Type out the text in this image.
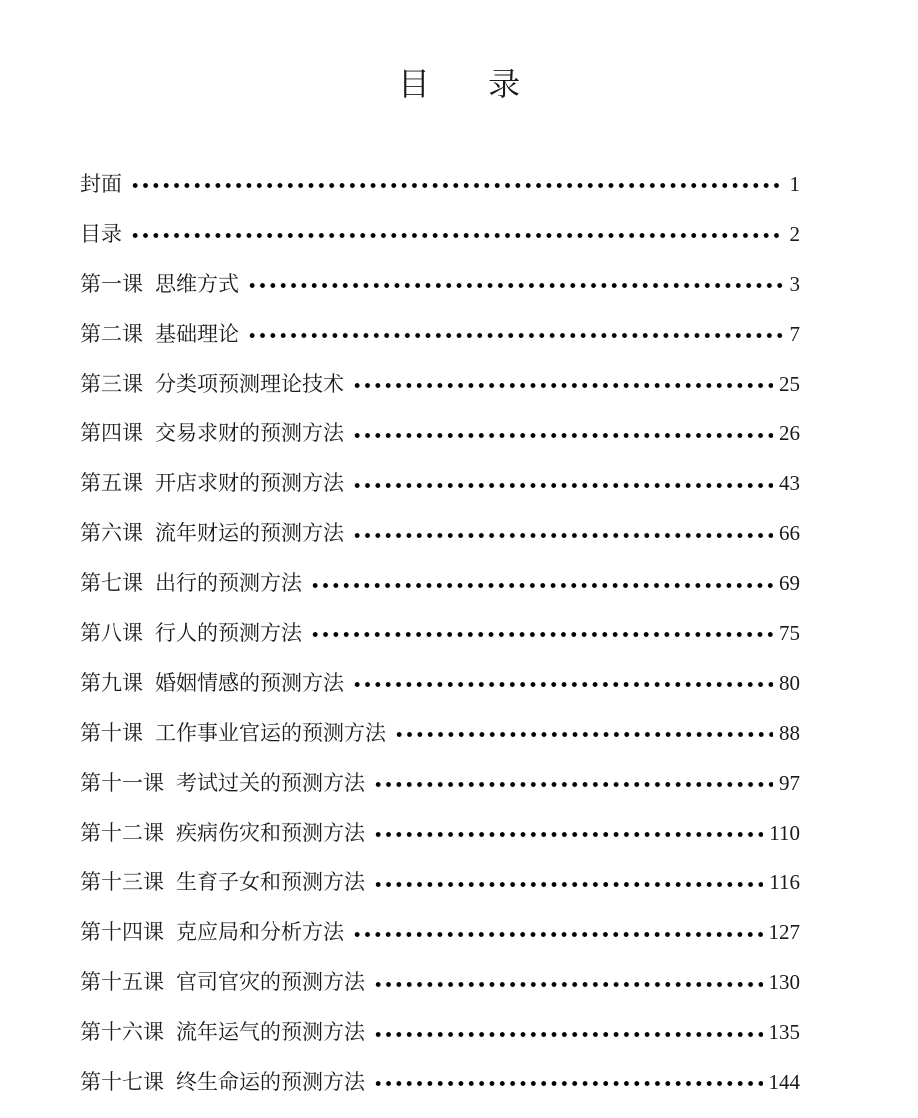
目 录
封面	1
目录	2
第一课 思维方式	3
第二课 基础理论	7
第三课 分类项预测理论技术	25
第四课 交易求财的预测方法	26
第五课 开店求财的预测方法	43
第六课 流年财运的预测方法	66
第七课 出行的预测方法	69
第八课 行人的预测方法	75
第九课 婚姻情感的预测方法	80
第十课 工作事业官运的预测方法	88
第十一课 考试过关的预测方法	97
第十二课 疾病伤灾和预测方法	110
第十三课 生育子女和预测方法	116
第十四课 克应局和分析方法	127
第十五课 官司官灾的预测方法	130
第十六课 流年运气的预测方法	135
第十七课 终生命运的预测方法	144
